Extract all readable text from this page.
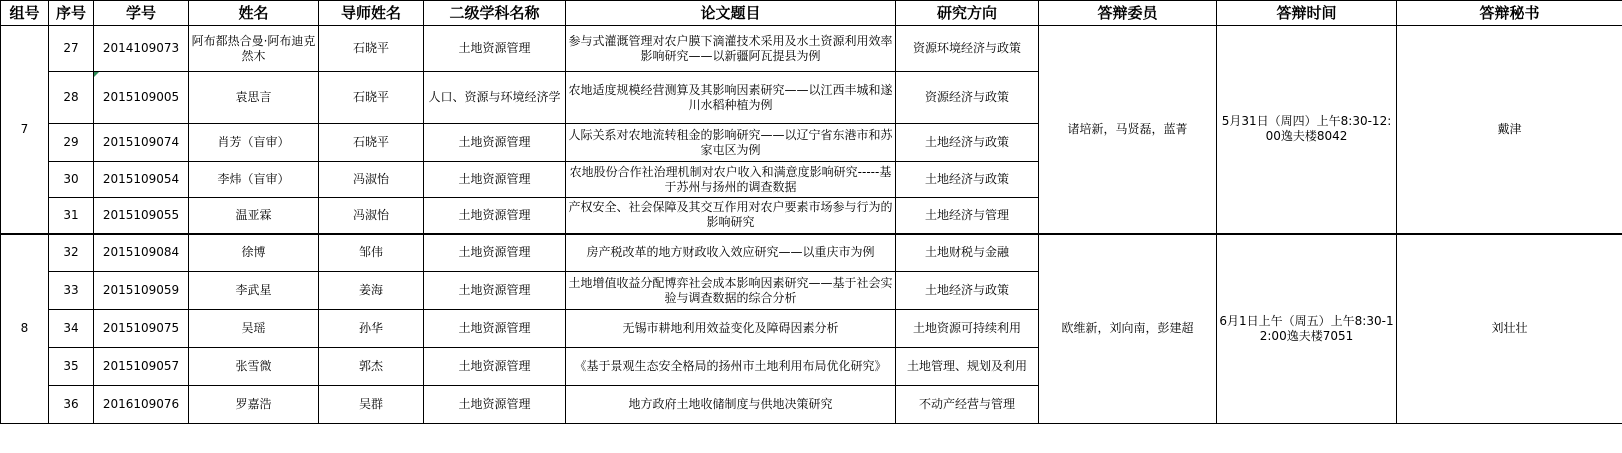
组号	序号	学号	姓名	导师姓名	二级学科名称	论文题目	研究方向	答辩委员	答辩时间	答辩秘书
7	27	2014109073	阿布都热合曼·阿布迪克然木	石晓平	土地资源管理	参与式灌溉管理对农户膜下滴灌技术采用及水土资源利用效率影响研究——以新疆阿瓦提县为例	资源环境经济与政策	诸培新，马贤磊，蓝菁	5月31日（周四）上午8:30-12:00逸夫楼8042	戴津
	28	2015109005	袁思言	石晓平	人口、资源与环境经济学	农地适度规模经营测算及其影响因素研究——以江西丰城和遂川水稻种植为例	资源经济与政策			
	29	2015109074	肖芳（盲审）	石晓平	土地资源管理	人际关系对农地流转租金的影响研究——以辽宁省东港市和苏家屯区为例	土地经济与政策			
	30	2015109054	李炜（盲审）	冯淑怡	土地资源管理	农地股份合作社治理机制对农户收入和满意度影响研究-----基于苏州与扬州的调查数据	土地经济与政策			
	31	2015109055	温亚霖	冯淑怡	土地资源管理	产权安全、社会保障及其交互作用对农户要素市场参与行为的影响研究	土地经济与管理			
8	32	2015109084	徐博	邹伟	土地资源管理	房产税改革的地方财政收入效应研究——以重庆市为例	土地财税与金融	欧维新，刘向南，彭建超	6月1日上午（周五）上午8:30-12:00逸夫楼7051	刘壮壮
	33	2015109059	李武星	姜海	土地资源管理	土地增值收益分配博弈社会成本影响因素研究——基于社会实验与调查数据的综合分析	土地经济与政策			
	34	2015109075	吴瑶	孙华	土地资源管理	无锡市耕地利用效益变化及障碍因素分析	土地资源可持续利用			
	35	2015109057	张雪微	郭杰	土地资源管理	《基于景观生态安全格局的扬州市土地利用布局优化研究》	土地管理、规划及利用			
	36	2016109076	罗嘉浩	吴群	土地资源管理	地方政府土地收储制度与供地决策研究	不动产经营与管理			
